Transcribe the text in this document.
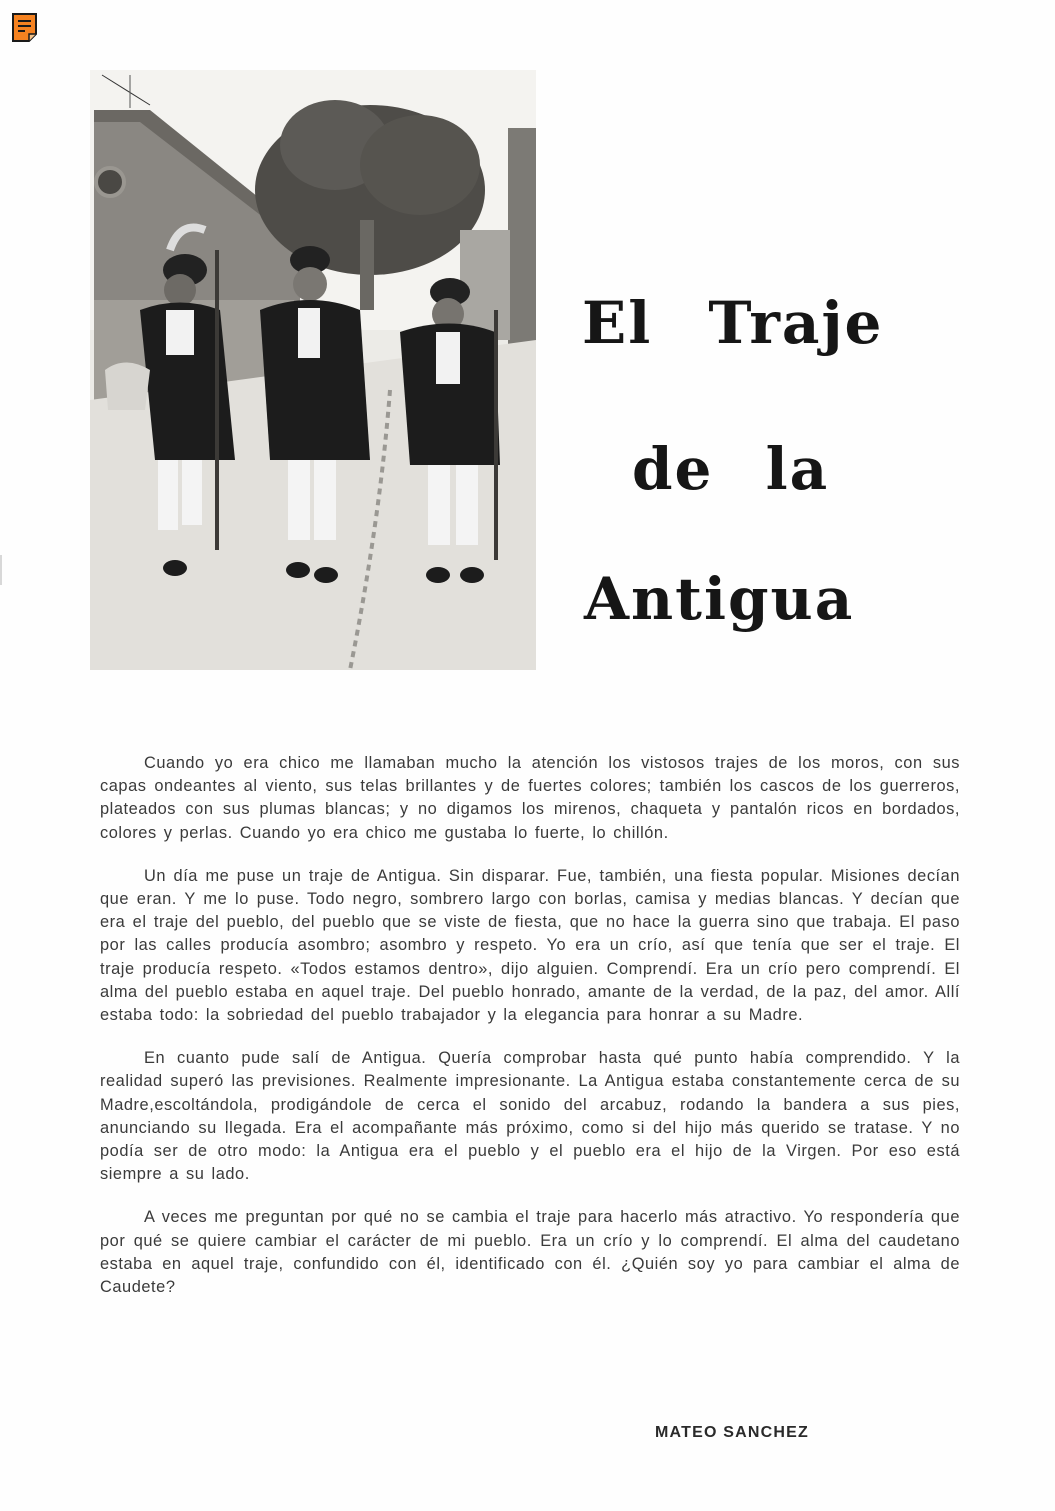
El Traje
de la
Antigua

Cuando yo era chico me llamaban mucho la atención los vistosos trajes de los moros, con sus capas ondeantes al viento, sus telas brillantes y de fuertes colores; también los cascos de los guerreros, plateados con sus plumas blancas; y no digamos los mirenos, chaqueta y pantalón ricos en bordados, colores y perlas. Cuando yo era chico me gustaba lo fuerte, lo chillón.

Un día me puse un traje de Antigua. Sin disparar. Fue, también, una fiesta popular. Misiones decían que eran. Y me lo puse. Todo negro, sombrero largo con borlas, camisa y medias blancas. Y decían que era el traje del pueblo, del pueblo que se viste de fiesta, que no hace la guerra sino que trabaja. El paso por las calles producía asombro; asombro y respeto. Yo era un crío, así que tenía que ser el traje. El traje producía respeto. «Todos estamos dentro», dijo alguien. Comprendí. Era un crío pero comprendí. El alma del pueblo estaba en aquel traje. Del pueblo honrado, amante de la verdad, de la paz, del amor. Allí estaba todo: la sobriedad del pueblo trabajador y la elegancia para honrar a su Madre.

En cuanto pude salí de Antigua. Quería comprobar hasta qué punto había comprendido. Y la realidad superó las previsiones. Realmente impresionante. La Antigua estaba constantemente cerca de su Madre,escoltándola, prodigándole de cerca el sonido del arcabuz, rodando la bandera a sus pies, anunciando su llegada. Era el acompañante más próximo, como si del hijo más querido se tratase. Y no podía ser de otro modo: la Antigua era el pueblo y el pueblo era el hijo de la Virgen. Por eso está siempre a su lado.

A veces me preguntan por qué no se cambia el traje para hacerlo más atractivo. Yo respondería que por qué se quiere cambiar el carácter de mi pueblo. Era un crío y lo comprendí. El alma del caudetano estaba en aquel traje, confundido con él, identificado con él. ¿Quién soy yo para cambiar el alma de Caudete?

MATEO SANCHEZ
